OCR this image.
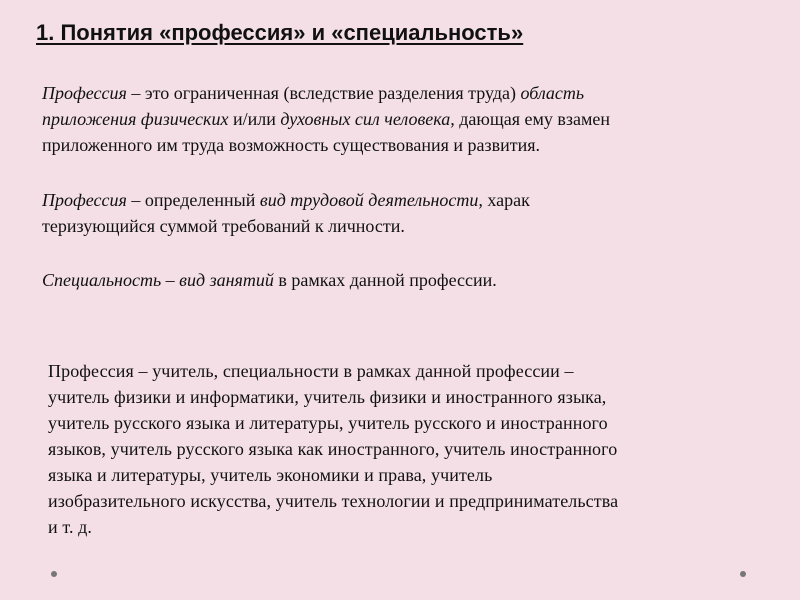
1. Понятия «профессия» и «специальность»
Профессия – это ограниченная (вследствие разделения труда) область
приложения физических и/или духовных сил человека, дающая ему взамен
приложенного им труда возможность существования и развития.
Профессия – определенный вид трудовой деятельности, харак
теризующийся суммой требований к личности.
Специальность – вид занятий в рамках данной профессии.
Профессия – учитель, специальности в рамках данной профессии –
учитель физики и информатики, учитель физики и иностранного языка,
учитель русского языка и литературы, учитель русского и иностранного
языков, учитель русского языка как иностранного, учитель иностранного
языка и литературы, учитель экономики и права, учитель
изобразительного искусства, учитель технологии и предпринимательства
и т. д.
